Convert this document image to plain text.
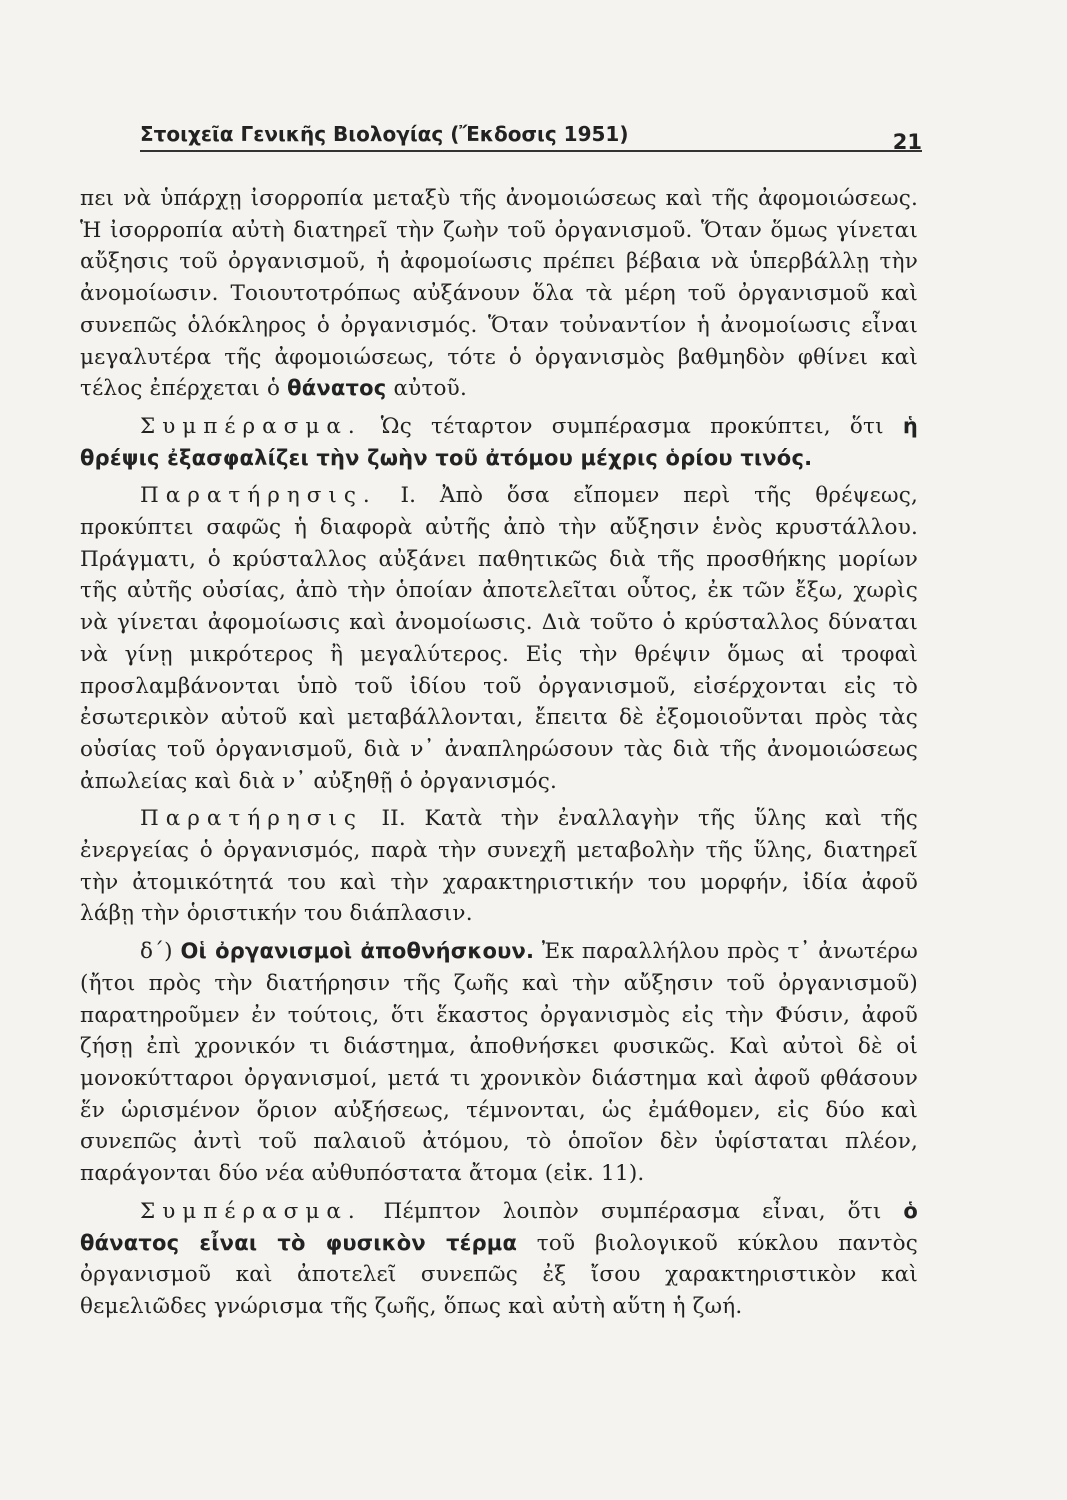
Στοιχεῖα Γενικῆς Βιολογίας (Ἔκδοσις 1951)	21

πει νὰ ὑπάρχῃ ἰσορροπία μεταξὺ τῆς ἀνομοιώσεως καὶ τῆς ἀφομοιώσεως. Ἡ ἰσορροπία αὐτὴ διατηρεῖ τὴν ζωὴν τοῦ ὀργανισμοῦ. Ὅταν ὅμως γίνεται αὔξησις τοῦ ὀργανισμοῦ, ἡ ἀφομοίωσις πρέπει βέβαια νὰ ὑπερβάλλῃ τὴν ἀνομοίωσιν. Τοιουτοτρόπως αὐξάνουν ὅλα τὰ μέρη τοῦ ὀργανισμοῦ καὶ συνεπῶς ὁλόκληρος ὁ ὀργανισμός. Ὅταν τοὐναντίον ἡ ἀνομοίωσις εἶναι μεγαλυτέρα τῆς ἀφομοιώσεως, τότε ὁ ὀργανισμὸς βαθμηδὸν φθίνει καὶ τέλος ἐπέρχεται ὁ θάνατος αὐτοῦ.

Συμπέρασμα. Ὡς τέταρτον συμπέρασμα προκύπτει, ὅτι ἡ θρέψις ἐξασφαλίζει τὴν ζωὴν τοῦ ἀτόμου μέχρις ὁρίου τινός.

Παρατήρησις. I. Ἀπὸ ὅσα εἴπομεν περὶ τῆς θρέψεως, προκύπτει σαφῶς ἡ διαφορὰ αὐτῆς ἀπὸ τὴν αὔξησιν ἑνὸς κρυστάλλου. Πράγματι, ὁ κρύσταλλος αὐξάνει παθητικῶς διὰ τῆς προσθήκης μορίων τῆς αὐτῆς οὐσίας, ἀπὸ τὴν ὁποίαν ἀποτελεῖται οὗτος, ἐκ τῶν ἔξω, χωρὶς νὰ γίνεται ἀφομοίωσις καὶ ἀνομοίωσις. Διὰ τοῦτο ὁ κρύσταλλος δύναται νὰ γίνῃ μικρότερος ἢ μεγαλύτερος. Εἰς τὴν θρέψιν ὅμως αἱ τροφαὶ προσλαμβάνονται ὑπὸ τοῦ ἰδίου τοῦ ὀργανισμοῦ, εἰσέρχονται εἰς τὸ ἐσωτερικὸν αὐτοῦ καὶ μεταβάλλονται, ἔπειτα δὲ ἐξομοιοῦνται πρὸς τὰς οὐσίας τοῦ ὀργανισμοῦ, διὰ ν᾿ ἀναπληρώσουν τὰς διὰ τῆς ἀνομοιώσεως ἀπωλείας καὶ διὰ ν᾿ αὐξηθῇ ὁ ὀργανισμός.

Παρατήρησις II. Κατὰ τὴν ἐναλλαγὴν τῆς ὕλης καὶ τῆς ἐνεργείας ὁ ὀργανισμός, παρὰ τὴν συνεχῆ μεταβολὴν τῆς ὕλης, διατηρεῖ τὴν ἀτομικότητά του καὶ τὴν χαρακτηριστικήν του μορφήν, ἰδία ἀφοῦ λάβῃ τὴν ὁριστικήν του διάπλασιν.

δ΄) Οἱ ὀργανισμοὶ ἀποθνήσκουν. Ἐκ παραλλήλου πρὸς τ᾿ ἀνωτέρω (ἤτοι πρὸς τὴν διατήρησιν τῆς ζωῆς καὶ τὴν αὔξησιν τοῦ ὀργανισμοῦ) παρατηροῦμεν ἐν τούτοις, ὅτι ἕκαστος ὀργανισμὸς εἰς τὴν Φύσιν, ἀφοῦ ζήσῃ ἐπὶ χρονικόν τι διάστημα, ἀποθνήσκει φυσικῶς. Καὶ αὐτοὶ δὲ οἱ μονοκύτταροι ὀργανισμοί, μετά τι χρονικὸν διάστημα καὶ ἀφοῦ φθάσουν ἕν ὡρισμένον ὅριον αὐξήσεως, τέμνονται, ὡς ἐμάθομεν, εἰς δύο καὶ συνεπῶς ἀντὶ τοῦ παλαιοῦ ἀτόμου, τὸ ὁποῖον δὲν ὑφίσταται πλέον, παράγονται δύο νέα αὐθυπόστατα ἄτομα (εἰκ. 11).

Συμπέρασμα. Πέμπτον λοιπὸν συμπέρασμα εἶναι, ὅτι ὁ θάνατος εἶναι τὸ φυσικὸν τέρμα τοῦ βιολογικοῦ κύκλου παντὸς ὀργανισμοῦ καὶ ἀποτελεῖ συνεπῶς ἐξ ἴσου χαρακτηριστικὸν καὶ θεμελιῶδες γνώρισμα τῆς ζωῆς, ὅπως καὶ αὐτὴ αὕτη ἡ ζωή.
